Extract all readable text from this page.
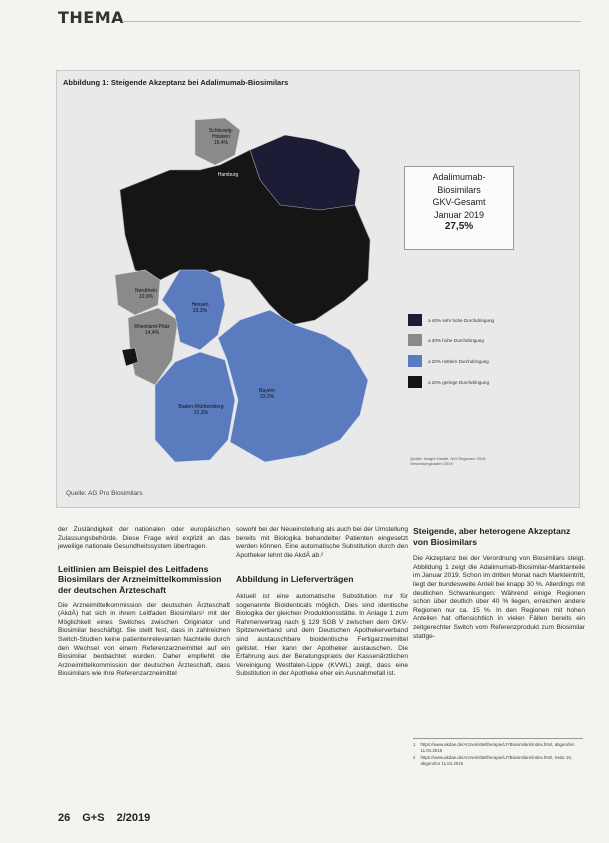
THEMA
Abbildung 1: Steigende Akzeptanz bei Adalimumab-Biosimilars
Schleswig-Holstein
15,4%
Hamburg
Nordrhein
10,9%
Rheinland-Pfalz
14,4%
Hessen
23,3%
Baden-Württemberg
21,3%
Bayern
33,2%
Adalimumab-
Biosimilars
GKV-Gesamt
Januar 2019
27,5%
≥ 40% sehr hohe Durchdringung
≥ 30% hohe Durchdringung
≥ 20% mittlere Durchdringung
≤ 20% geringe Durchdringung
Quelle: Insight Health, NVI Regionen 2019, Verordnungsdaten 2019
Quelle: AG Pro Biosimilars

der Zuständigkeit der nationalen oder europäischen Zulassungsbehörde. Diese Frage wird explizit an das jeweilige nationale Gesundheitssystem übertragen.

Leitlinien am Beispiel des Leitfadens Biosimilars der Arzneimittelkommission der deutschen Ärzteschaft

Die Arzneimittelkommission der deutschen Ärzteschaft (AkdÄ) hat sich in ihrem Leitfaden Biosimilars¹ mit der Möglichkeit eines Switches zwischen Originator und Biosimilar beschäftigt. Sie stellt fest, dass in zahlreichen Switch-Studien keine patientenrelevanten Nachteile durch den Wechsel von einem Referenzarzneimittel auf ein Biosimilar beobachtet wurden. Daher empfiehlt die Arzneimittelkommission der deutschen Ärzteschaft, dass Biosimilars wie ihre Referenzarzneimittel

sowohl bei der Neueinstellung als auch bei der Umstellung bereits mit Biologika behandelter Patienten eingesetzt werden können. Eine automatische Substitution durch den Apotheker lehnt die AkdÄ ab.²

Abbildung in Lieferverträgen

Aktuell ist eine automatische Substitution nur für sogenannte Bioidenticals möglich. Dies sind identische Biologika der gleichen Produktionsstätte. In Anlage 1 zum Rahmenvertrag nach § 129 SGB V zwischen dem GKV-Spitzenverband und dem Deutschen Apothekerverband sind austauschbare bioidentische Fertigarzneimittel gelistet. Hier kann der Apotheker austauschen. Die Erfahrung aus der Beratungspraxis der Kassenärztlichen Vereinigung Westfalen-Lippe (KVWL) zeigt, dass eine Substitution in der Apotheke eher ein Ausnahmefall ist.

Steigende, aber heterogene Akzeptanz von Biosimilars

Die Akzeptanz bei der Verordnung von Biosimilars steigt. Abbildung 1 zeigt die Adalimumab-Biosimilar-Marktanteile im Januar 2019. Schon im dritten Monat nach Markteintritt, liegt der bundesweite Anteil bei knapp 30 %. Allerdings mit deutlichen Schwankungen: Während einige Regionen schon über deutlich über 40 % liegen, erreichen andere Regionen nur ca. 15 %. In den Regionen mit hohen Anteilen hat offensichtlich in vielen Fällen bereits ein zeitgerechter Switch vom Referenzprodukt zum Biosimilar stattge-

1 https://www.akdae.de/Arzneimitteltherapie/LF/Biosimilars/index.html, abgerufen 11.04.2019
2 https://www.akdae.de/Arzneimitteltherapie/LF/Biosimilars/index.html, Seite 15, abgerufen 11.04.2019
26 G+S 2/2019
